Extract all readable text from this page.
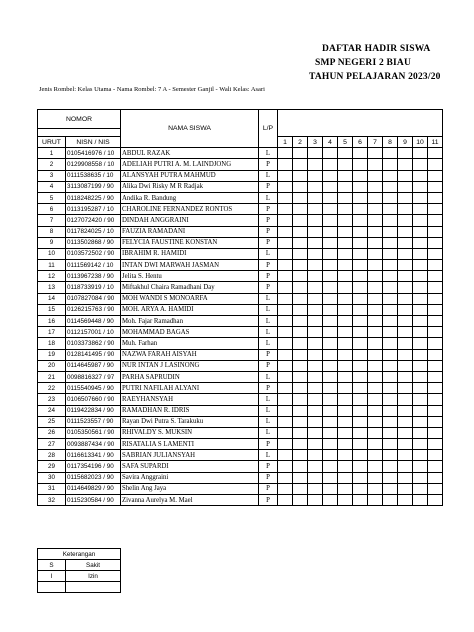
DAFTAR HADIR SISWA
SMP NEGERI 2 BIAU
TAHUN PELAJARAN 2023/20
Jenis Rombel: Kelas Utama - Nama Rombel: 7 A - Semester Ganjil - Wali Kelas: Asari
NOMOR		NAMA SISWA	L/P											

URUT	NISN / NIS			1	2	3	4	5	6	7	8	9	10	11
1	0105416976 / 10	ABDUL RAZAK	L											
2	0129908558 / 10	ADELIAH PUTRI A. M. LAINDJONG	P											
3	0111538635 / 10	ALANSYAH PUTRA MAHMUD	L											
4	3113087199 / 90	Alika Dwi Risky M R Radjak	P											
5	0118248225 / 90	Andika R. Bandung	L											
6	0113195287 / 10	CHAROLINE FERNANDEZ RONTOS	P											
7	0127072420 / 90	DINDAH ANGGRAINI	P											
8	0117824025 / 10	FAUZIA RAMADANI	P											
9	0113502868 / 90	FELYCIA FAUSTINE KONSTAN	P											
10	0103572502 / 90	IBRAHIM R. HAMIDI	L											
11	0111569142 / 10	INTAN DWI MARWAH JASMAN	P											
12	0113967238 / 90	Jelita S. Hentu	P											
13	0118733919 / 10	Miftakhul Chaira Ramadhani Day	P											
14	0107827084 / 90	MOH WANDI S MONOARFA	L											
15	0126215763 / 90	MOH. ARYA A. HAMIDI	L											
16	0114569448 / 90	Moh. Fajar Ramadhan	L											
17	0112157001 / 10	MOHAMMAD BAGAS	L											
18	0103373862 / 90	Muh. Farhan	L											
19	0128141495 / 90	NAZWA FARAH AISYAH	P											
20	0114645987 / 90	NUR INTAN J LASINONG	P											
21	0098816327 / 97	PARHA SAPRUDIN	L											
22	0115540945 / 90	PUTRI NAFILAH ALYANI	P											
23	0106507660 / 90	RAEYHANSYAH	L											
24	0119422834 / 90	RAMADHAN R. IDRIS	L											
25	0111523557 / 90	Rayan Dwi Putra S. Tarakuku	L											
26	0105350561 / 90	RHIVALDY S. MUKSIN	L											
27	0093887434 / 90	RISATALIA S LAMENTI	P											
28	0116613341 / 90	SABRIAN JULIANSYAH	L											
29	0117354196 / 90	SAFA SUPARDI	P											
30	0115682023 / 90	Savira Anggraini	P											
31	0114649829 / 90	Shelin Ang Jaya	P											
32	0115230584 / 90	Zivanna Aurelya M. Mael	P											
Keterangan	
S	Sakit
I	Izin
